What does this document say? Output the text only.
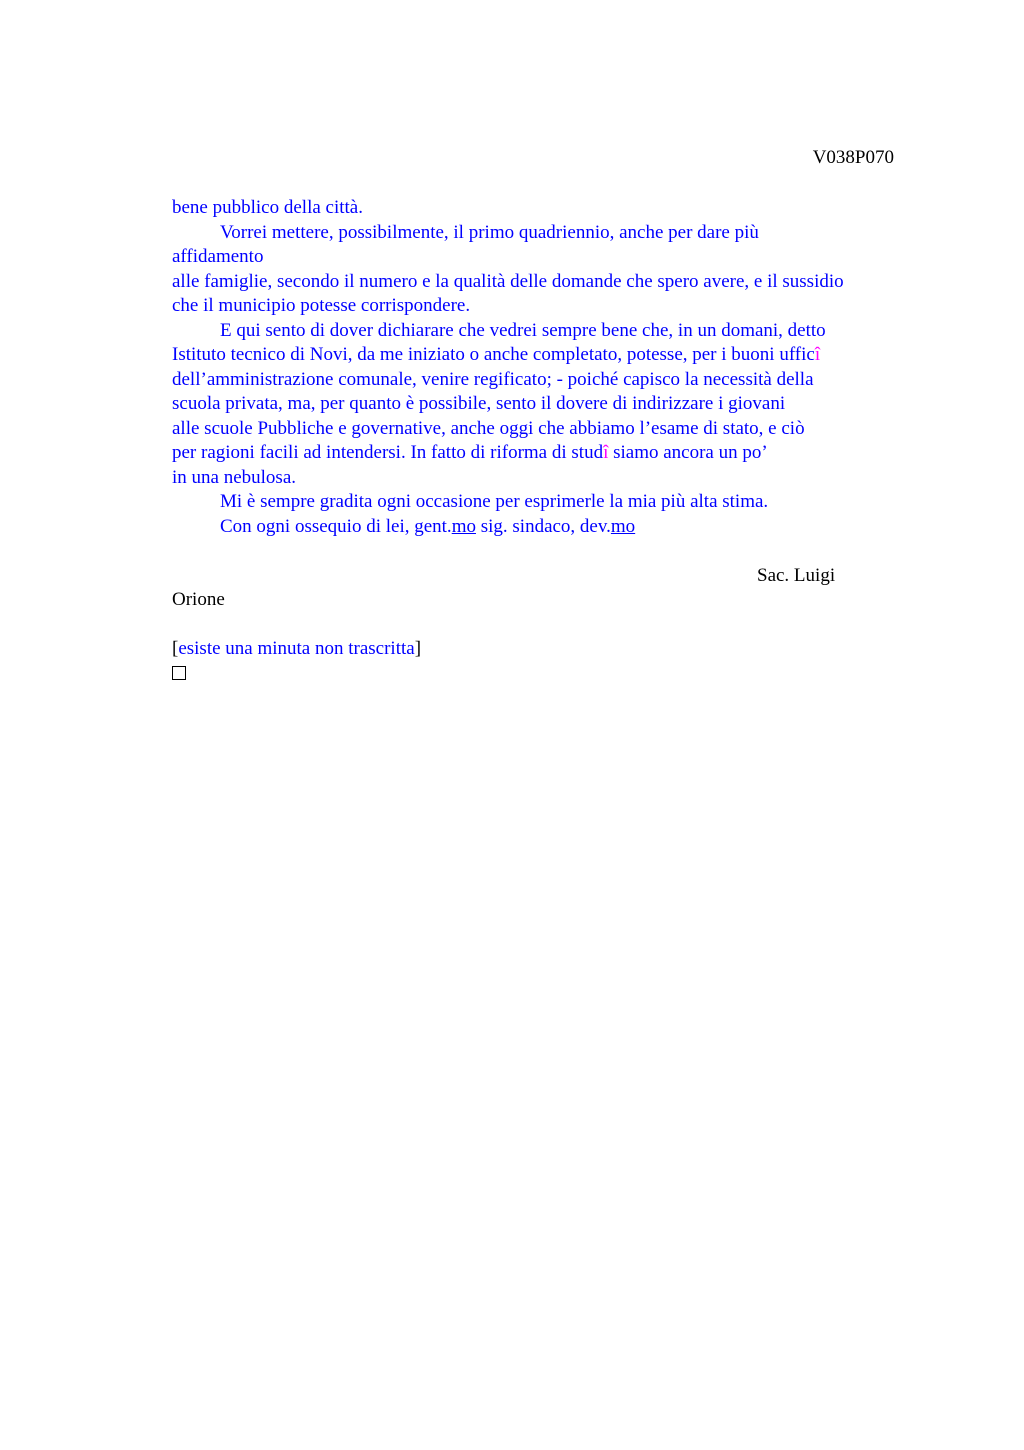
V038P070
bene pubblico della città.
Vorrei mettere, possibilmente, il primo quadriennio, anche per dare più
affidamento
alle famiglie, secondo il numero e la qualità delle domande che spero avere, e il sussidio
che il municipio potesse corrispondere.
E qui sento di dover dichiarare che vedrei sempre bene che, in un domani, detto
Istituto tecnico di Novi, da me iniziato o anche completato, potesse, per i buoni ufficî
dell’amministrazione comunale, venire regificato; - poiché capisco la necessità della
scuola privata, ma, per quanto è possibile, sento il dovere di indirizzare i giovani
alle scuole Pubbliche e governative, anche oggi che abbiamo l’esame di stato, e ciò
per ragioni facili ad intendersi. In fatto di riforma di studî siamo ancora un po’
in una nebulosa.
Mi è sempre gradita ogni occasione per esprimerle la mia più alta stima.
Con ogni ossequio di lei, gent.mo sig. sindaco, dev.mo
Sac. Luigi
Orione
[esiste una minuta non trascritta]
